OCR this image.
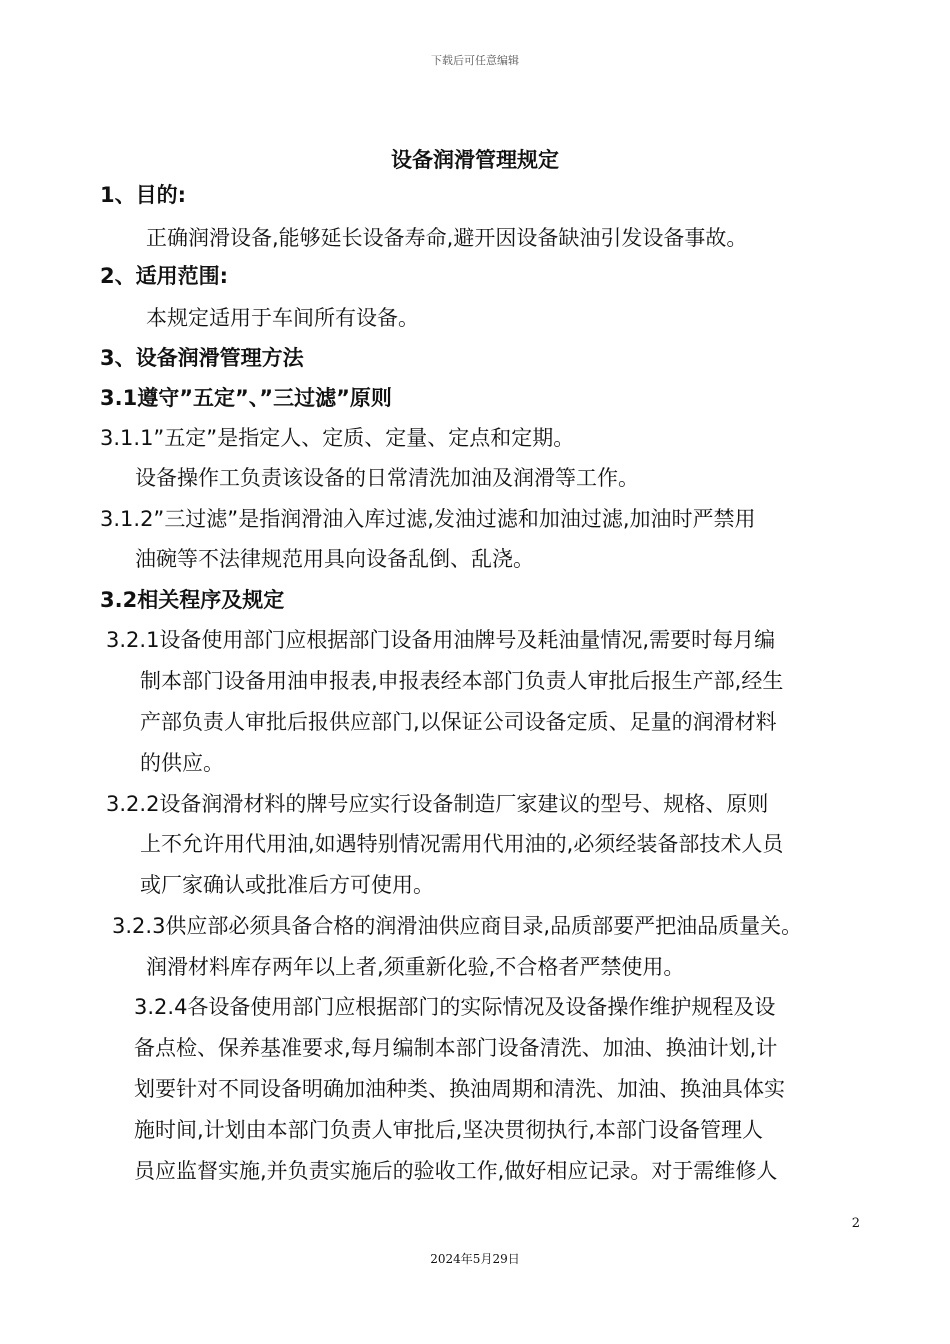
下载后可任意编辑
设备润滑管理规定
1、目的:
正确润滑设备,能够延长设备寿命,避开因设备缺油引发设备事故。
2、适用范围:
本规定适用于车间所有设备。
3、设备润滑管理方法
3.1遵守”五定”、”三过滤”原则
3.1.1”五定”是指定人、定质、定量、定点和定期。
设备操作工负责该设备的日常清洗加油及润滑等工作。
3.1.2”三过滤”是指润滑油入库过滤,发油过滤和加油过滤,加油时严禁用
油碗等不法律规范用具向设备乱倒、乱浇。
3.2相关程序及规定
3.2.1设备使用部门应根据部门设备用油牌号及耗油量情况,需要时每月编
制本部门设备用油申报表,申报表经本部门负责人审批后报生产部,经生
产部负责人审批后报供应部门,以保证公司设备定质、足量的润滑材料
的供应。
3.2.2设备润滑材料的牌号应实行设备制造厂家建议的型号、规格、原则
上不允许用代用油,如遇特别情况需用代用油的,必须经装备部技术人员
或厂家确认或批准后方可使用。
3.2.3供应部必须具备合格的润滑油供应商目录,品质部要严把油品质量关。
润滑材料库存两年以上者,须重新化验,不合格者严禁使用。
3.2.4各设备使用部门应根据部门的实际情况及设备操作维护规程及设
备点检、保养基准要求,每月编制本部门设备清洗、加油、换油计划,计
划要针对不同设备明确加油种类、换油周期和清洗、加油、换油具体实
施时间,计划由本部门负责人审批后,坚决贯彻执行,本部门设备管理人
员应监督实施,并负责实施后的验收工作,做好相应记录。对于需维修人
2
2024年5月29日
